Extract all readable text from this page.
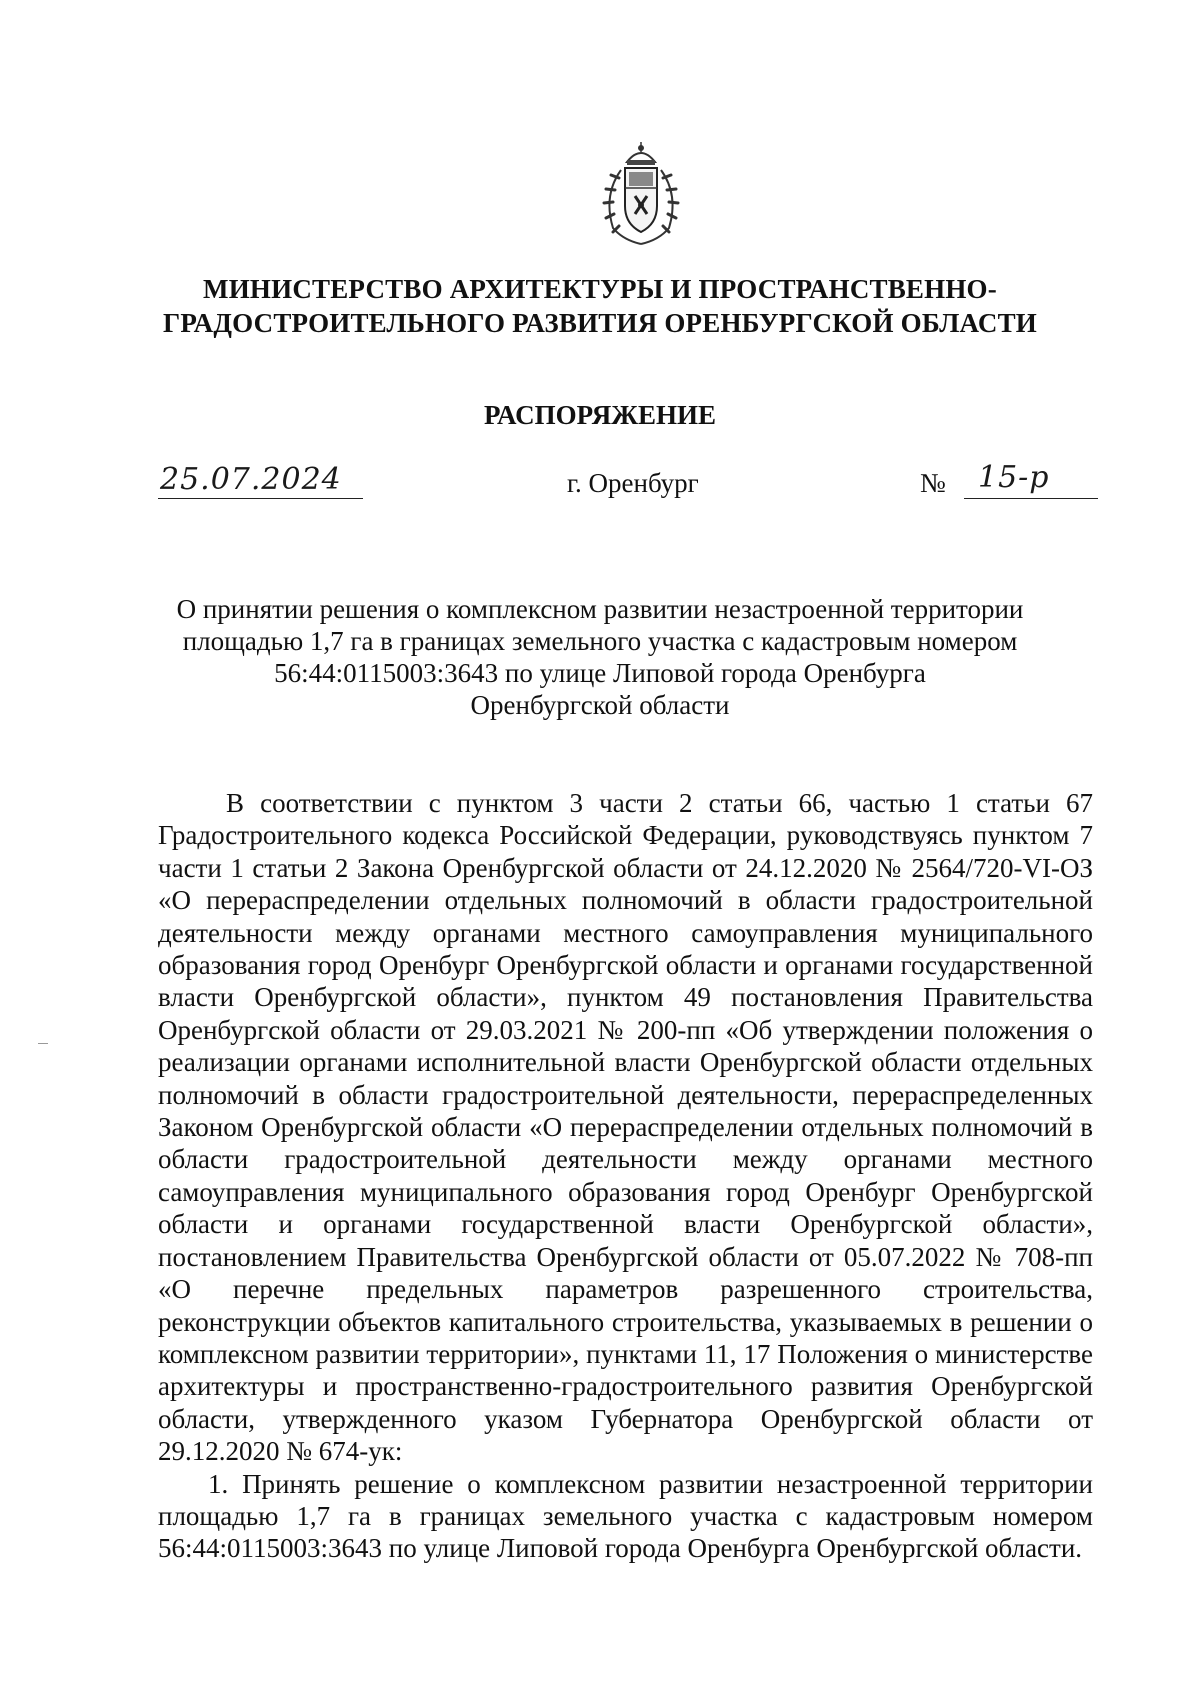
МИНИСТЕРСТВО АРХИТЕКТУРЫ И ПРОСТРАНСТВЕННО-
ГРАДОСТРОИТЕЛЬНОГО РАЗВИТИЯ ОРЕНБУРГСКОЙ ОБЛАСТИ
РАСПОРЯЖЕНИЕ
25.07.2024	г. Оренбург	№ 15-р
О принятии решения о комплексном развитии незастроенной территории
площадью 1,7 га в границах земельного участка с кадастровым номером
56:44:0115003:3643 по улице Липовой города Оренбурга
Оренбургской области

В соответствии с пунктом 3 части 2 статьи 66, частью 1 статьи 67 Градостроительного кодекса Российской Федерации, руководствуясь пунктом 7 части 1 статьи 2 Закона Оренбургской области от 24.12.2020 № 2564/720-VI-ОЗ «О перераспределении отдельных полномочий в области градостроительной деятельности между органами местного самоуправления муниципального образования город Оренбург Оренбургской области и органами государственной власти Оренбургской области», пунктом 49 постановления Правительства Оренбургской области от 29.03.2021 № 200-пп «Об утверждении положения о реализации органами исполнительной власти Оренбургской области отдельных полномочий в области градостроительной деятельности, перераспределенных Законом Оренбургской области «О перераспределении отдельных полномочий в области градостроительной деятельности между органами местного самоуправления муниципального образования город Оренбург Оренбургской области и органами государственной власти Оренбургской области», постановлением Правительства Оренбургской области от 05.07.2022 № 708-пп «О перечне предельных параметров разрешенного строительства, реконструкции объектов капитального строительства, указываемых в решении о комплексном развитии территории», пунктами 11, 17 Положения о министерстве архитектуры и пространственно-градостроительного развития Оренбургской области, утвержденного указом Губернатора Оренбургской области от 29.12.2020 № 674-ук:

1. Принять решение о комплексном развитии незастроенной территории площадью 1,7 га в границах земельного участка с кадастровым номером 56:44:0115003:3643 по улице Липовой города Оренбурга Оренбургской области.
